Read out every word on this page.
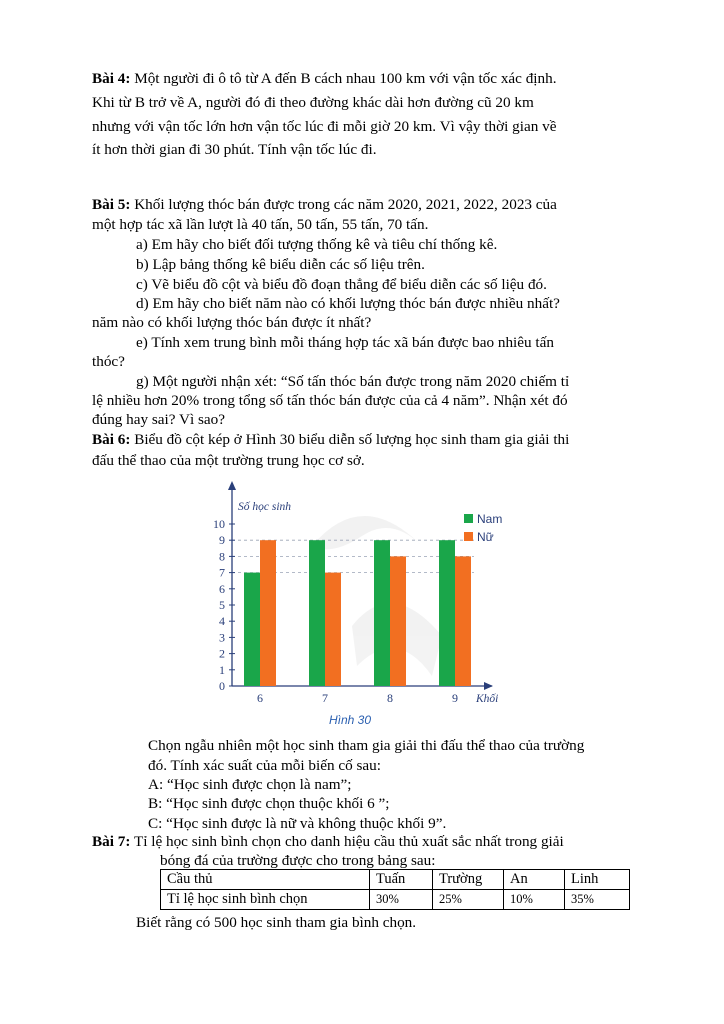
Bài 4: Một người đi ô tô từ A đến B cách nhau 100 km với vận tốc xác định.
Khi từ B trở về A, người đó đi theo đường khác dài hơn đường cũ 20 km
nhưng với vận tốc lớn hơn vận tốc lúc đi mỗi giờ 20 km. Vì vậy thời gian về
ít hơn thời gian đi 30 phút. Tính vận tốc lúc đi.
Bài 5: Khối lượng thóc bán được trong các năm 2020, 2021, 2022, 2023 của
một hợp tác xã lần lượt là 40 tấn, 50 tấn, 55 tấn, 70 tấn.
a) Em hãy cho biết đối tượng thống kê và tiêu chí thống kê.
b) Lập bảng thống kê biểu diễn các số liệu trên.
c) Vẽ biểu đồ cột và biểu đồ đoạn thẳng để biểu diễn các số liệu đó.
d) Em hãy cho biết năm nào có khối lượng thóc bán được nhiều nhất?
năm nào có khối lượng thóc bán được ít nhất?
e) Tính xem trung bình mỗi tháng hợp tác xã bán được bao nhiêu tấn
thóc?
g) Một người nhận xét: “Số tấn thóc bán được trong năm 2020 chiếm tỉ
lệ nhiều hơn 20% trong tổng số tấn thóc bán được của cả 4 năm”. Nhận xét đó
đúng hay sai? Vì sao?
Bài 6: Biểu đồ cột kép ở Hình 30 biểu diễn số lượng học sinh tham gia giải thi
đấu thể thao của một trường trung học cơ sở.
0
1
2
3
4
5
6
7
8
9
10
Số học sinh
Khối
6	7	8	9
Hình 30
Nam
Nữ
Chọn ngẫu nhiên một học sinh tham gia giải thi đấu thể thao của trường
đó. Tính xác suất của mỗi biến cố sau:
A: “Học sinh được chọn là nam”;
B: “Học sinh được chọn thuộc khối 6 ”;
C: “Học sinh được là nữ và không thuộc khối 9”.
Bài 7: Tỉ lệ học sinh bình chọn cho danh hiệu cầu thủ xuất sắc nhất trong giải
bóng đá của trường được cho trong bảng sau:
Cầu thủ	Tuấn	Trường	An	Linh
Tỉ lệ học sinh bình chọn	30%	25%	10%	35%
Biết rằng có 500 học sinh tham gia bình chọn.
